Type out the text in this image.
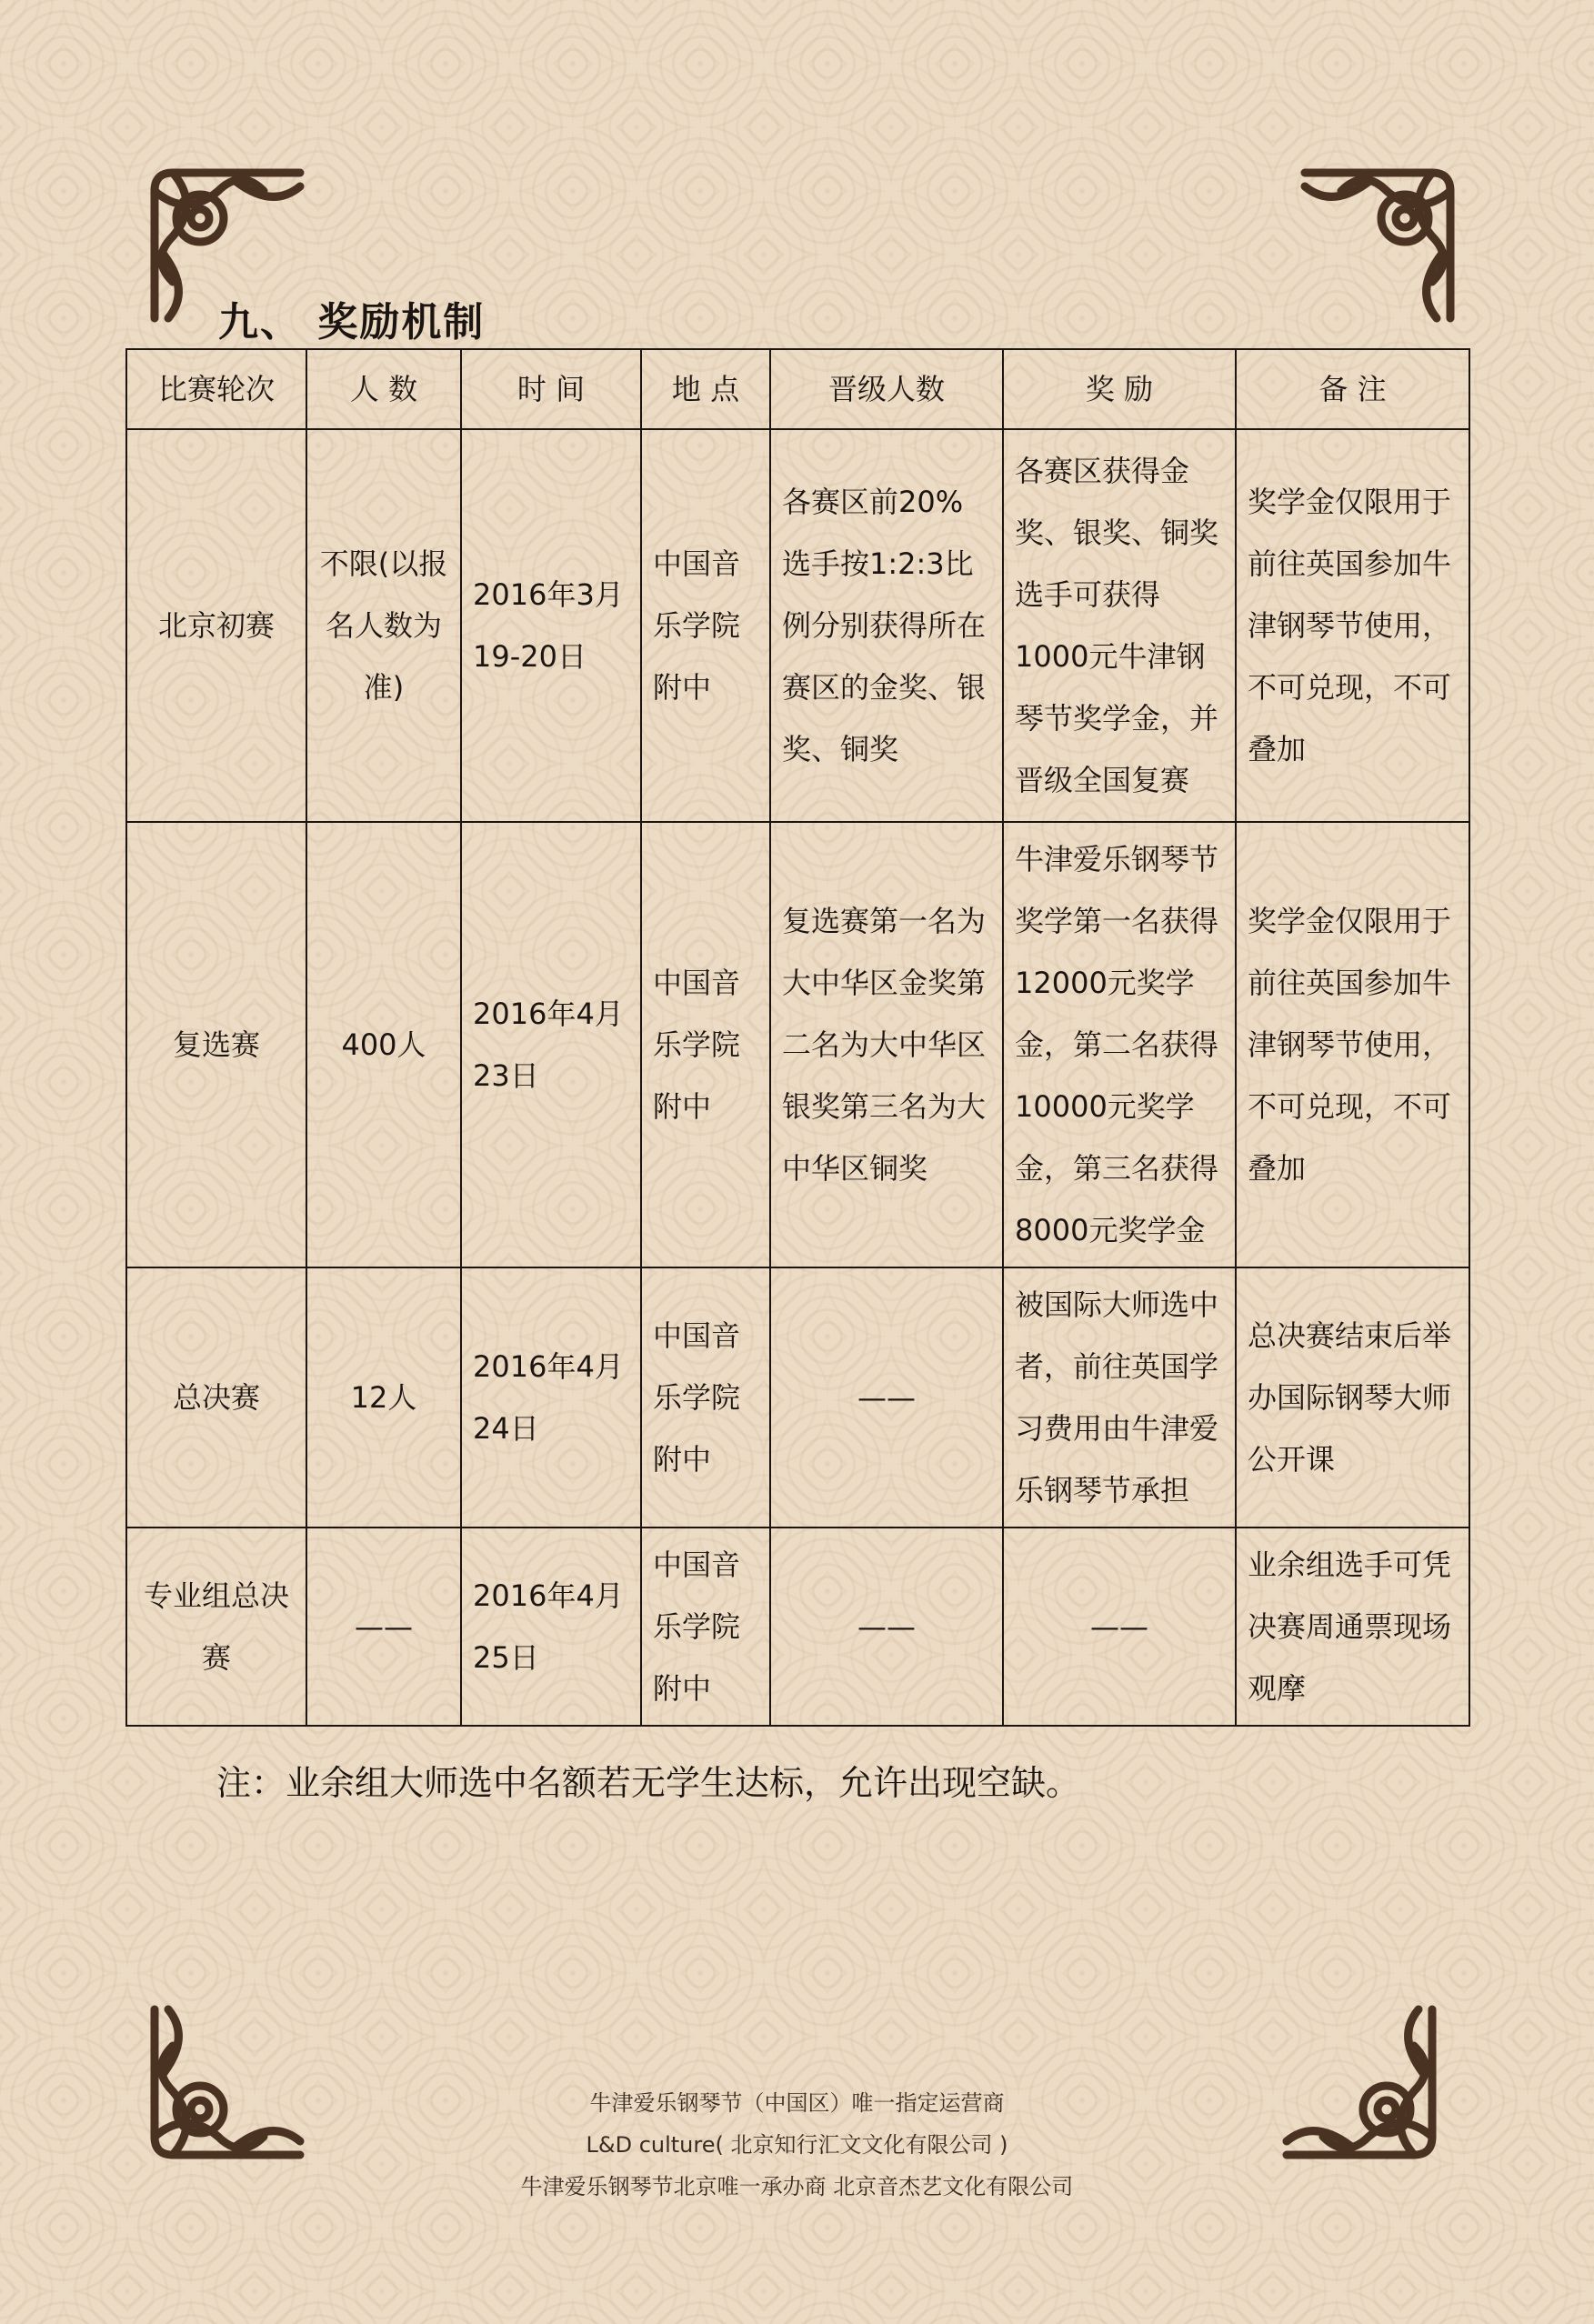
九、 奖励机制
比赛轮次	人 数	时 间	地 点	晋级人数	奖 励	备 注
北京初赛	不限(以报名人数为准)	2016年3月19-20日	中国音乐学院附中	各赛区前20%选手按1:2:3比例分别获得所在赛区的金奖、银奖、铜奖	各赛区获得金奖、银奖、铜奖选手可获得1000元牛津钢琴节奖学金，并晋级全国复赛	奖学金仅限用于前往英国参加牛津钢琴节使用，不可兑现，不可叠加
复选赛	400人	2016年4月23日	中国音乐学院附中	复选赛第一名为大中华区金奖第二名为大中华区银奖第三名为大中华区铜奖	牛津爱乐钢琴节奖学第一名获得12000元奖学金，第二名获得10000元奖学金，第三名获得8000元奖学金	奖学金仅限用于前往英国参加牛津钢琴节使用，不可兑现，不可叠加
总决赛	12人	2016年4月24日	中国音乐学院附中	——	被国际大师选中者，前往英国学习费用由牛津爱乐钢琴节承担	总决赛结束后举办国际钢琴大师公开课
专业组总决赛	——	2016年4月25日	中国音乐学院附中	——	——	业余组选手可凭决赛周通票现场观摩
注：业余组大师选中名额若无学生达标，允许出现空缺。
牛津爱乐钢琴节（中国区）唯一指定运营商
L&D culture( 北京知行汇文文化有限公司 )
牛津爱乐钢琴节北京唯一承办商 北京音杰艺文化有限公司
